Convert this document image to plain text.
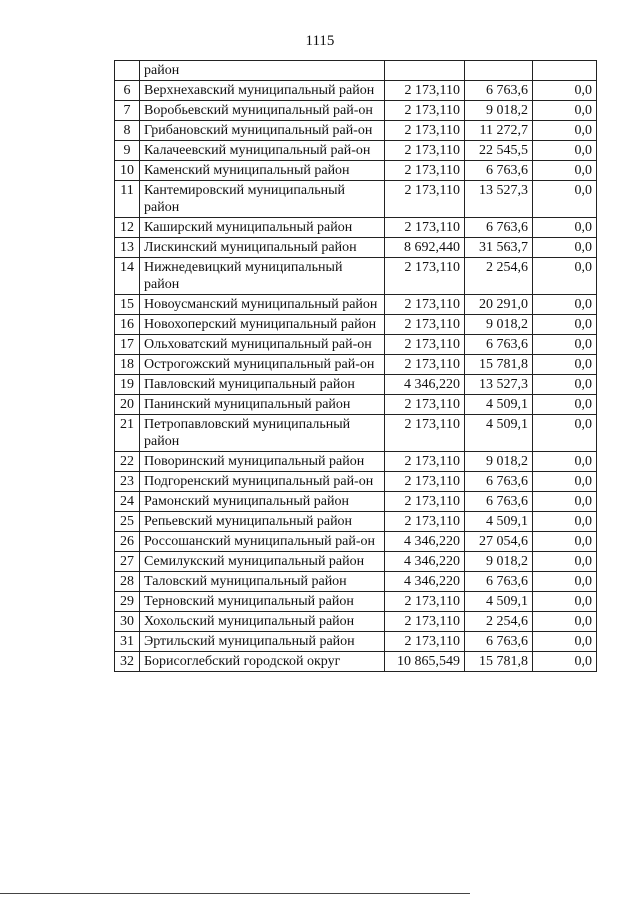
1115
	район			
6	Верхнехавский муниципальный район	2 173,110	6 763,6	0,0
7	Воробьевский муниципальный рай-он	2 173,110	9 018,2	0,0
8	Грибановский муниципальный рай-он	2 173,110	11 272,7	0,0
9	Калачеевский муниципальный рай-он	2 173,110	22 545,5	0,0
10	Каменский муниципальный район	2 173,110	6 763,6	0,0
11	Кантемировский муниципальный район	2 173,110	13 527,3	0,0
12	Каширский муниципальный район	2 173,110	6 763,6	0,0
13	Лискинский муниципальный район	8 692,440	31 563,7	0,0
14	Нижнедевицкий муниципальный район	2 173,110	2 254,6	0,0
15	Новоусманский муниципальный район	2 173,110	20 291,0	0,0
16	Новохоперский муниципальный район	2 173,110	9 018,2	0,0
17	Ольховатский муниципальный рай-он	2 173,110	6 763,6	0,0
18	Острогожский муниципальный рай-он	2 173,110	15 781,8	0,0
19	Павловский муниципальный район	4 346,220	13 527,3	0,0
20	Панинский муниципальный район	2 173,110	4 509,1	0,0
21	Петропавловский муниципальный район	2 173,110	4 509,1	0,0
22	Поворинский муниципальный район	2 173,110	9 018,2	0,0
23	Подгоренский муниципальный рай-он	2 173,110	6 763,6	0,0
24	Рамонский муниципальный район	2 173,110	6 763,6	0,0
25	Репьевский муниципальный район	2 173,110	4 509,1	0,0
26	Россошанский муниципальный рай-он	4 346,220	27 054,6	0,0
27	Семилукский муниципальный район	4 346,220	9 018,2	0,0
28	Таловский муниципальный район	4 346,220	6 763,6	0,0
29	Терновский муниципальный район	2 173,110	4 509,1	0,0
30	Хохольский муниципальный район	2 173,110	2 254,6	0,0
31	Эртильский муниципальный район	2 173,110	6 763,6	0,0
32	Борисоглебский городской округ	10 865,549	15 781,8	0,0
